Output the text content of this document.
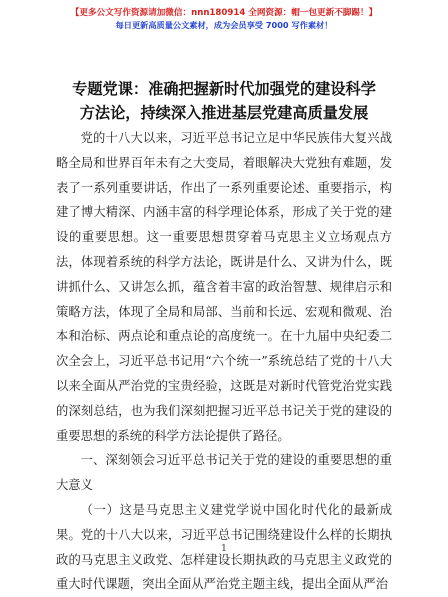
【更多公文写作资源请加微信：nnn180914 全网资源：帽一包更新不脚踢！】
每日更新高质量公文素材，成为会员享受 7000 写作素材！
专题党课：准确把握新时代加强党的建设科学
方法论，持续深入推进基层党建高质量发展

党的十八大以来，习近平总书记立足中华民族伟大复兴战略全局和世界百年未有之大变局，着眼解决大党独有难题，发表了一系列重要讲话，作出了一系列重要论述、重要指示，构建了博大精深、内涵丰富的科学理论体系，形成了关于党的建设的重要思想。这一重要思想贯穿着马克思主义立场观点方法，体现着系统的科学方法论，既讲是什么、又讲为什么，既讲抓什么、又讲怎么抓，蕴含着丰富的政治智慧、规律启示和策略方法，体现了全局和局部、当前和长远、宏观和微观、治本和治标、两点论和重点论的高度统一。在十九届中央纪委二次全会上，习近平总书记用“六个统一”系统总结了党的十八大以来全面从严治党的宝贵经验，这既是对新时代管党治党实践的深刻总结，也为我们深刻把握习近平总书记关于党的建设的重要思想的系统的科学方法论提供了路径。

一、深刻领会习近平总书记关于党的建设的重要思想的重大意义

（一）这是马克思主义建党学说中国化时代化的最新成果。党的十八大以来，习近平总书记围绕建设什么样的长期执政的马克思主义政党、怎样建设长期执政的马克思主义政党的重大时代课题，突出全面从严治党主题主线，提出全面从严治

1
